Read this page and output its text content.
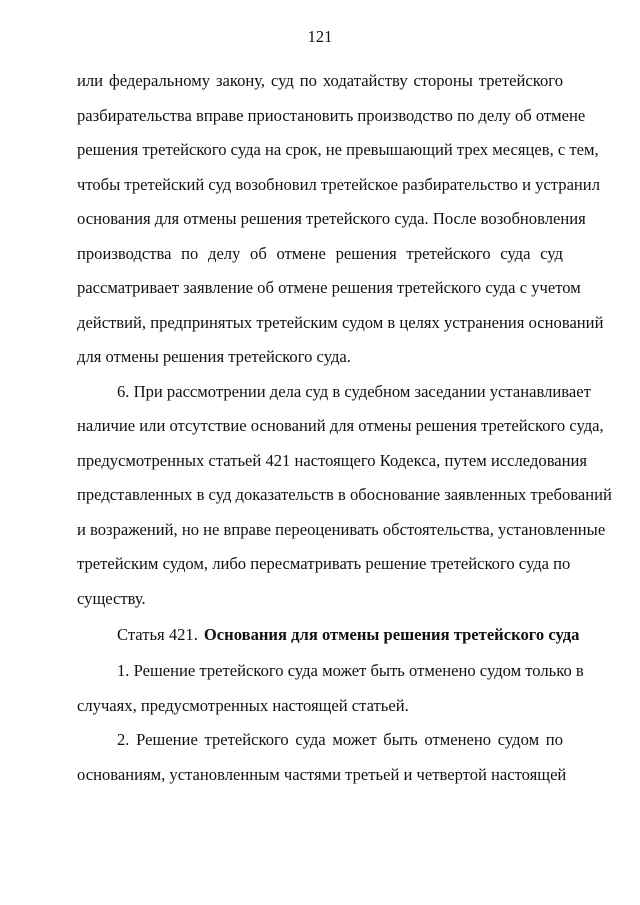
121
или федеральному закону, суд по ходатайству стороны третейского
разбирательства вправе приостановить производство по делу об отмене
решения третейского суда на срок, не превышающий трех месяцев, с тем,
чтобы третейский суд возобновил третейское разбирательство и устранил
основания для отмены решения третейского суда. После возобновления
производства по делу об отмене решения третейского суда суд
рассматривает заявление об отмене решения третейского суда с учетом
действий, предпринятых третейским судом в целях устранения оснований
для отмены решения третейского суда.
6. При рассмотрении дела суд в судебном заседании устанавливает
наличие или отсутствие оснований для отмены решения третейского суда,
предусмотренных статьей 421 настоящего Кодекса, путем исследования
представленных в суд доказательств в обоснование заявленных требований
и возражений, но не вправе переоценивать обстоятельства, установленные
третейским судом, либо пересматривать решение третейского суда по
существу.
Статья 421. Основания для отмены решения третейского суда
1. Решение третейского суда может быть отменено судом только в
случаях, предусмотренных настоящей статьей.
2. Решение третейского суда может быть отменено судом по
основаниям, установленным частями третьей и четвертой настоящей
